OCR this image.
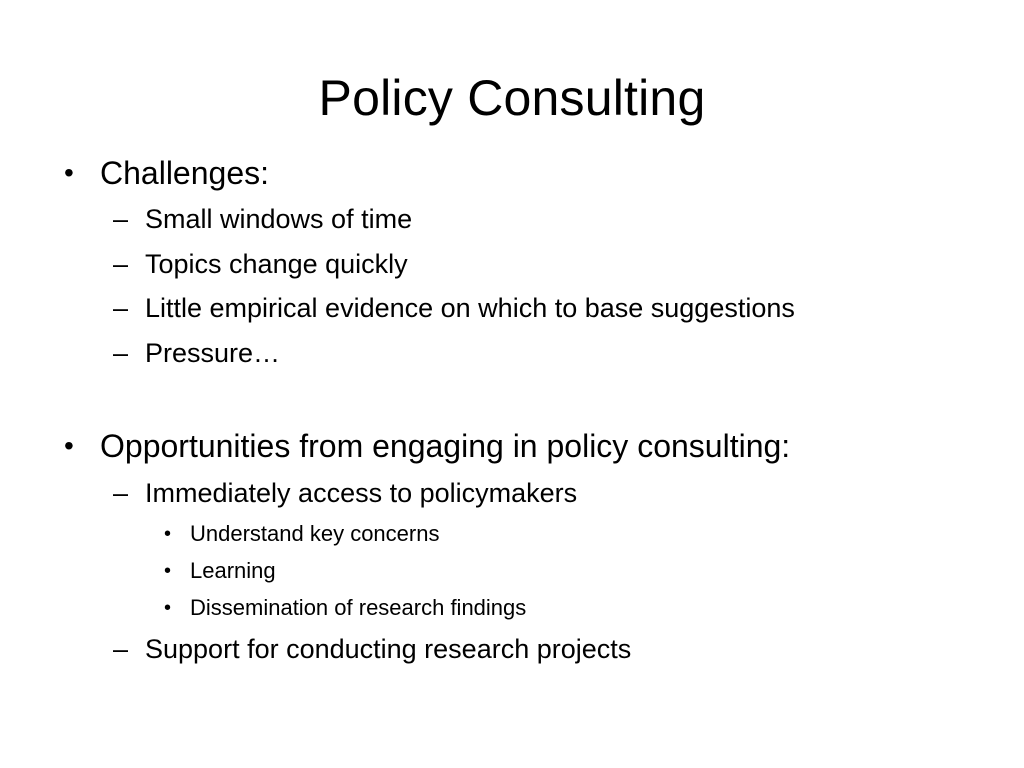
Policy Consulting
• Challenges:
– Small windows of time
– Topics change quickly
– Little empirical evidence on which to base suggestions
– Pressure…
• Opportunities from engaging in policy consulting:
– Immediately access to policymakers
• Understand key concerns
• Learning
• Dissemination of research findings
– Support for conducting research projects
